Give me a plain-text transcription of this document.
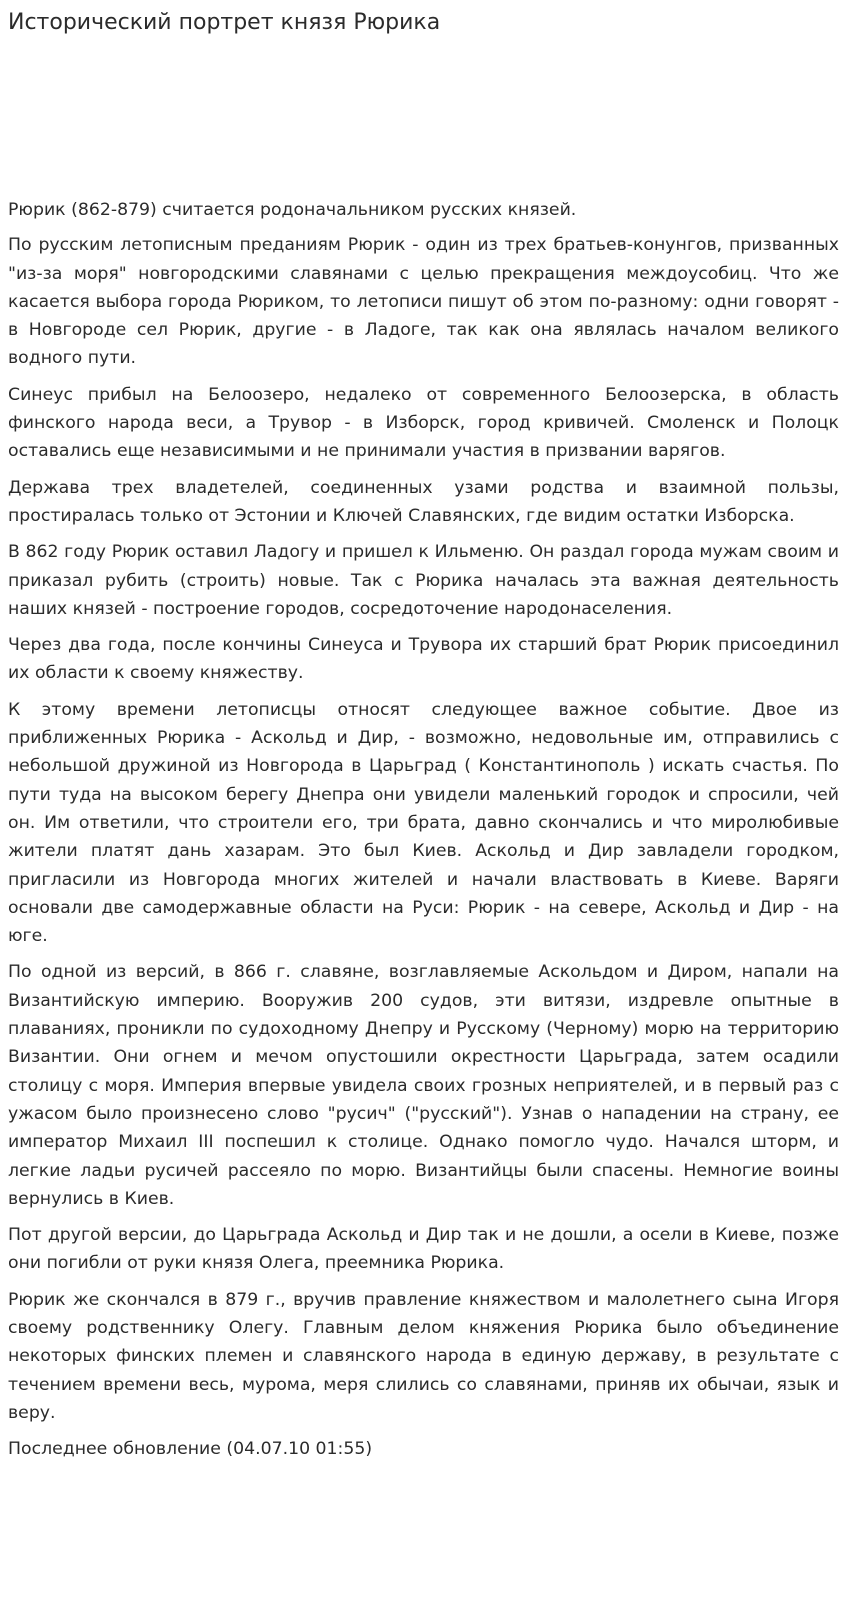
Исторический портрет князя Рюрика

Рюрик (862-879) считается родоначальником русских князей.

По русским летописным преданиям Рюрик - один из трех братьев-конунгов, призванных "из-за моря" новгородскими славянами с целью прекращения междоусобиц. Что же касается выбора города Рюриком, то летописи пишут об этом по-разному: одни говорят - в Новгороде сел Рюрик, другие - в Ладоге, так как она являлась началом великого водного пути.

Синеус прибыл на Белоозеро, недалеко от современного Белоозерска, в область финского народа веси, а Трувор - в Изборск, город кривичей. Смоленск и Полоцк оставались еще независимыми и не принимали участия в призвании варягов.

Держава трех владетелей, соединенных узами родства и взаимной пользы, простиралась только от Эстонии и Ключей Славянских, где видим остатки Изборска.

В 862 году Рюрик оставил Ладогу и пришел к Ильменю. Он раздал города мужам своим и приказал рубить (строить) новые. Так с Рюрика началась эта важная деятельность наших князей - построение городов, сосредоточение народонаселения.

Через два года, после кончины Синеуса и Трувора их старший брат Рюрик присоединил их области к своему княжеству.

К этому времени летописцы относят следующее важное событие. Двое из приближенных Рюрика - Аскольд и Дир, - возможно, недовольные им, отправились с небольшой дружиной из Новгорода в Царьград ( Константинополь ) искать счастья. По пути туда на высоком берегу Днепра они увидели маленький городок и спросили, чей он. Им ответили, что строители его, три брата, давно скончались и что миролюбивые жители платят дань хазарам. Это был Киев. Аскольд и Дир завладели городком, пригласили из Новгорода многих жителей и начали властвовать в Киеве. Варяги основали две самодержавные области на Руси: Рюрик - на севере, Аскольд и Дир - на юге.

По одной из версий, в 866 г. славяне, возглавляемые Аскольдом и Диром, напали на Византийскую империю. Вооружив 200 судов, эти витязи, издревле опытные в плаваниях, проникли по судоходному Днепру и Русскому (Черному) морю на территорию Византии. Они огнем и мечом опустошили окрестности Царьграда, затем осадили столицу с моря. Империя впервые увидела своих грозных неприятелей, и в первый раз с ужасом было произнесено слово "русич" ("русский"). Узнав о нападении на страну, ее император Михаил III поспешил к столице. Однако помогло чудо. Начался шторм, и легкие ладьи русичей рассеяло по морю. Византийцы были спасены. Немногие воины вернулись в Киев.

Пот другой версии, до Царьграда Аскольд и Дир так и не дошли, а осели в Киеве, позже они погибли от руки князя Олега, преемника Рюрика.

Рюрик же скончался в 879 г., вручив правление княжеством и малолетнего сына Игоря своему родственнику Олегу. Главным делом княжения Рюрика было объединение некоторых финских племен и славянского народа в единую державу, в результате с течением времени весь, мурома, меря слились со славянами, приняв их обычаи, язык и веру.

Последнее обновление (04.07.10 01:55)
